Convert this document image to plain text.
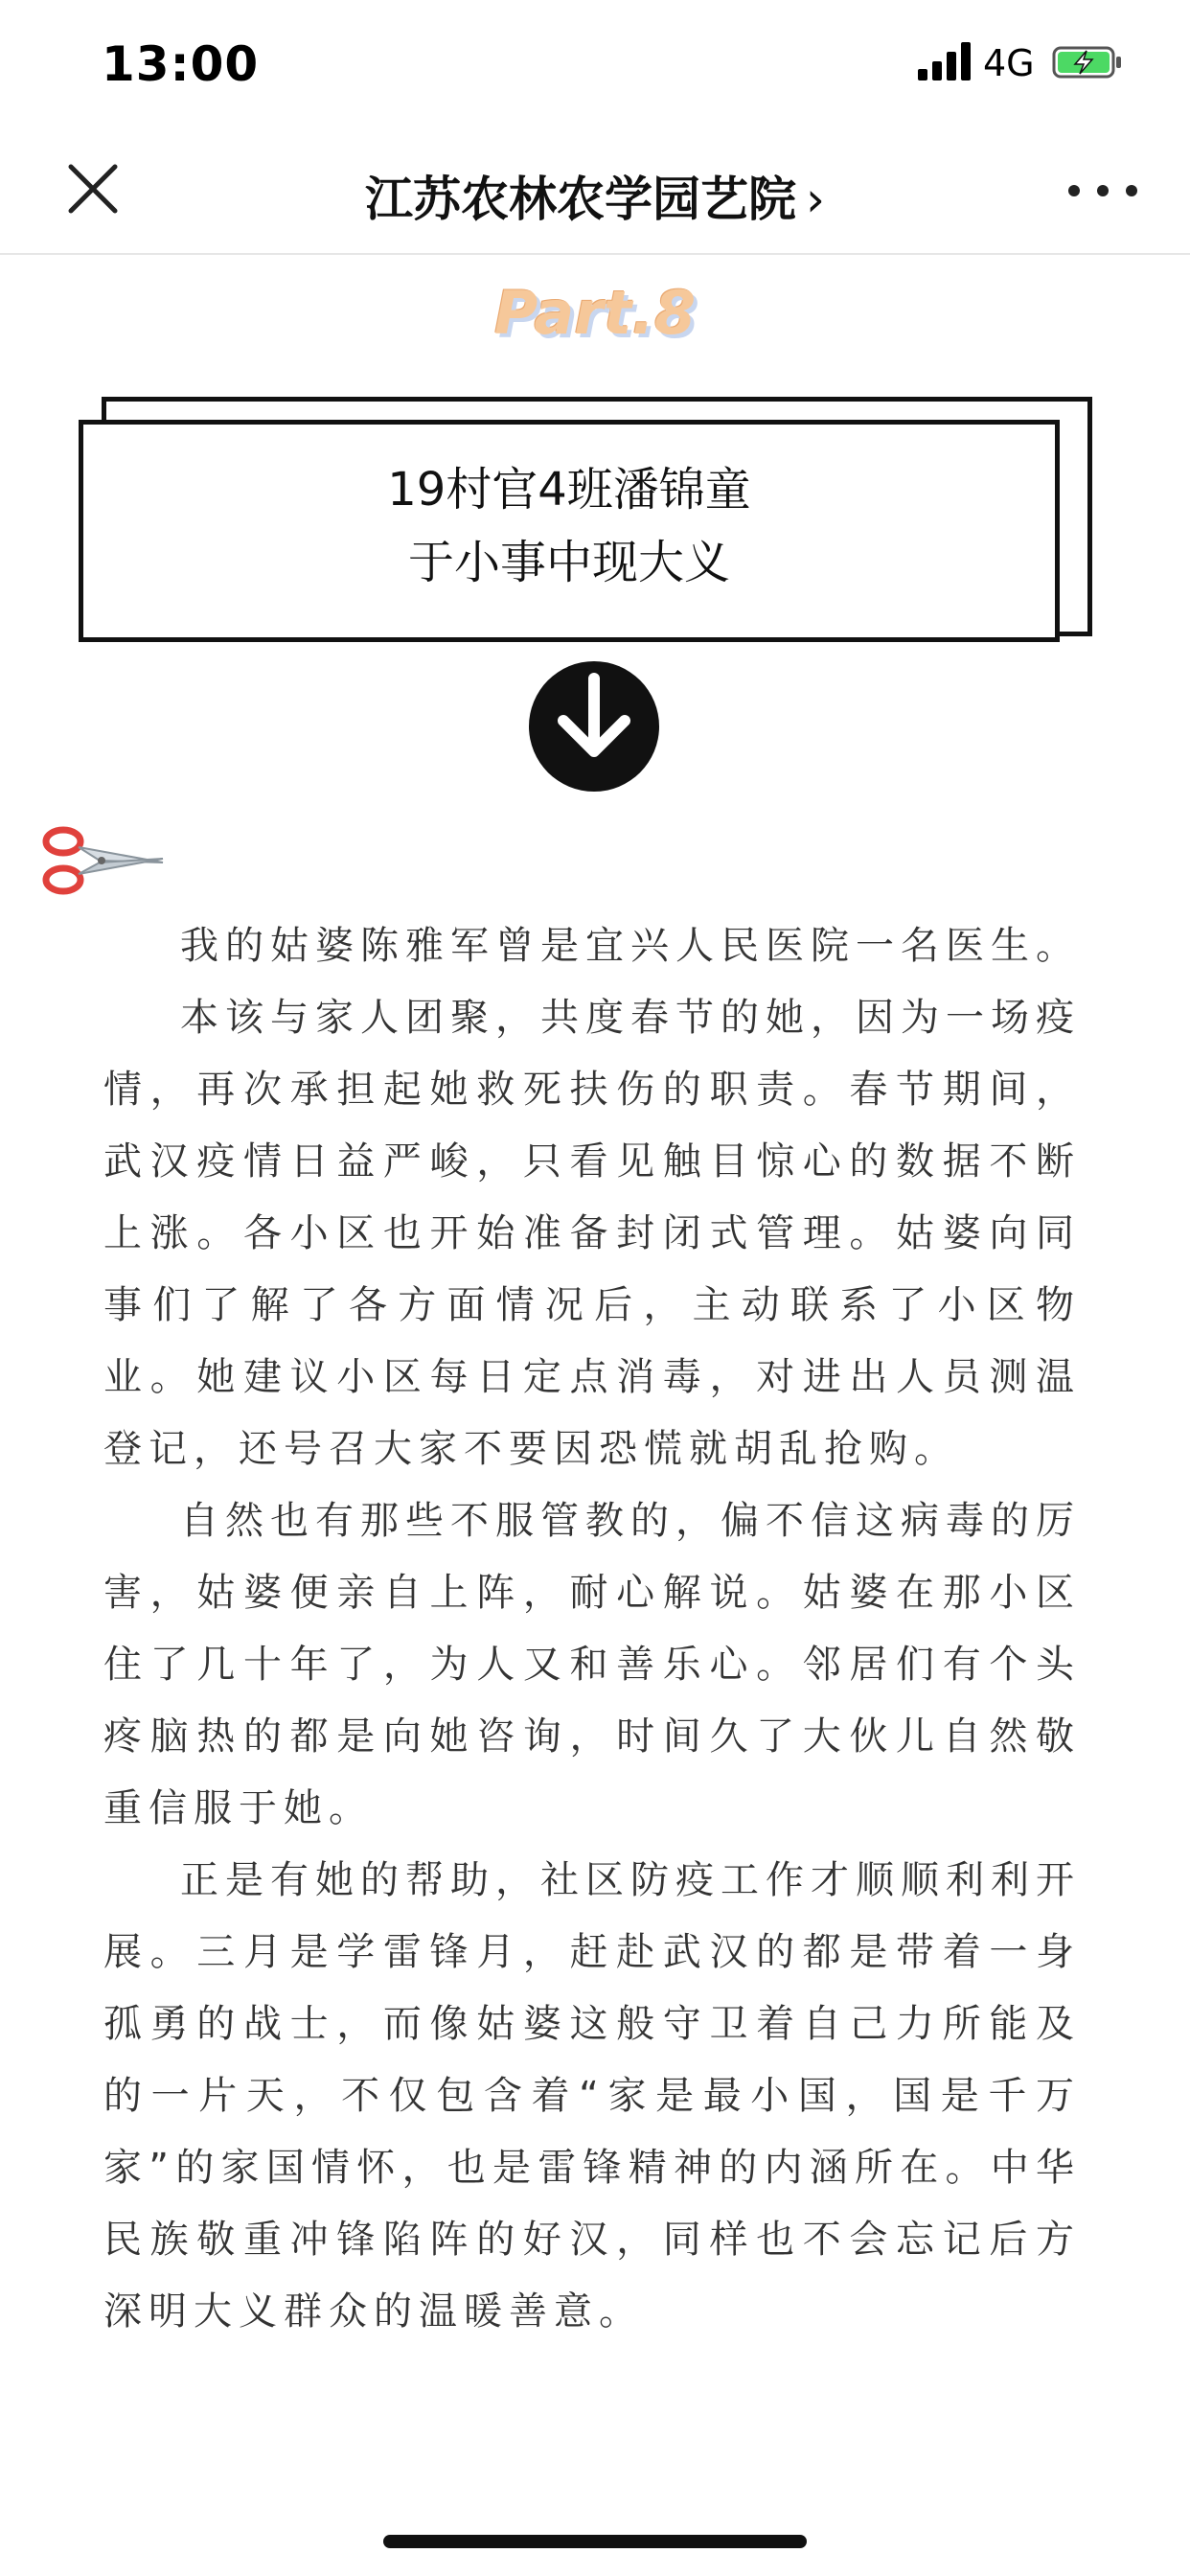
13:00	4G
江苏农林农学园艺院 ›
Part.8
19村官4班潘锦童
于小事中现大义

我的姑婆陈雅军曾是宜兴人民医院一名医生。

本该与家人团聚，共度春节的她，因为一场疫情，再次承担起她救死扶伤的职责。春节期间，武汉疫情日益严峻，只看见触目惊心的数据不断上涨。各小区也开始准备封闭式管理。姑婆向同事们了解了各方面情况后，主动联系了小区物业。她建议小区每日定点消毒，对进出人员测温登记，还号召大家不要因恐慌就胡乱抢购。

自然也有那些不服管教的，偏不信这病毒的厉害，姑婆便亲自上阵，耐心解说。姑婆在那小区住了几十年了，为人又和善乐心。邻居们有个头疼脑热的都是向她咨询，时间久了大伙儿自然敬重信服于她。

正是有她的帮助，社区防疫工作才顺顺利利开展。三月是学雷锋月，赶赴武汉的都是带着一身孤勇的战士，而像姑婆这般守卫着自己力所能及的一片天，不仅包含着“家是最小国，国是千万家”的家国情怀，也是雷锋精神的内涵所在。中华民族敬重冲锋陷阵的好汉，同样也不会忘记后方深明大义群众的温暖善意。
